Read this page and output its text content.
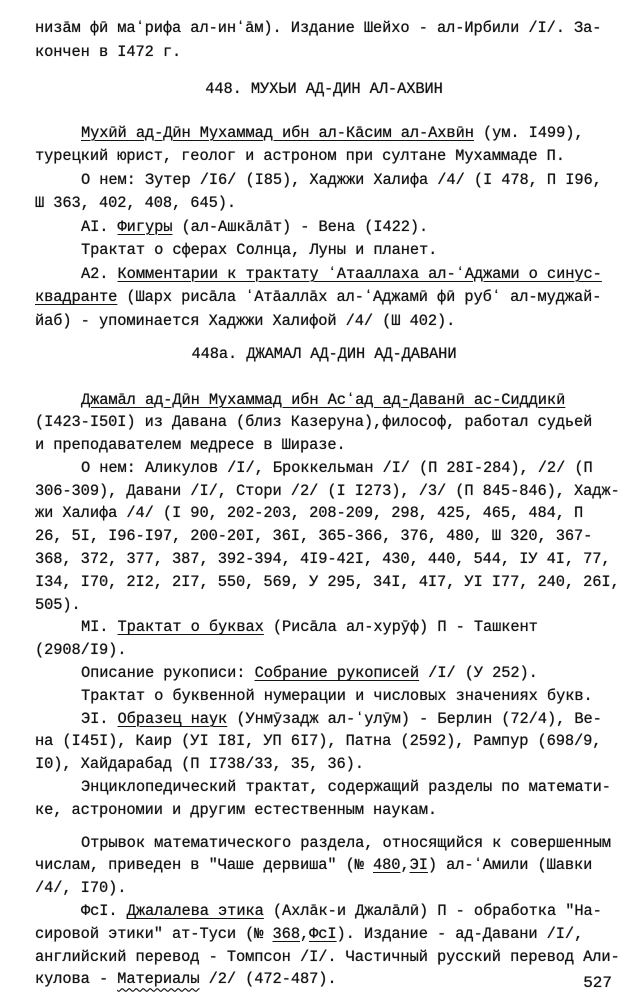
низāм фӣ маʻрифа ал-инʻāм). Издание Шейхо - ал-Ирбили /I/. За-
кончен в I472 г.
448. МУХЬИ АД-ДИН АЛ-АХВИН
Мухӣй ад-Дӣн Мухаммад ибн ал-Кāсим ал-Ахвӣн (ум. I499),
турецкий юрист, геолог и астроном при султане Мухаммаде П.
О нем: Зутер /I6/ (I85), Хаджжи Халифа /4/ (I 478, П I96,
Ш 363, 402, 408, 645).
AI. Фигуры (ал-Ашкāлāт) - Вена (I422).
Трактат о сферах Солнца, Луны и планет.
A2. Комментарии к трактату ʻАтааллаха ал-ʻАджами о синус-
квадранте (Шарх рисāла ʻАтāаллāх ал-ʻАджамӣ фӣ рубʻ ал-муджай-
йаб) - упоминается Хаджжи Халифой /4/ (Ш 402).
448а. ДЖАМАЛ АД-ДИН АД-ДАВАНИ
Джамāл ад-Дӣн Мухаммад ибн Асʻад ад-Даванӣ ас-Сиддикӣ
(I423-I50I) из Давана (близ Казеруна),философ, работал судьей
и преподавателем медресе в Ширазе.
О нем: Аликулов /I/, Броккельман /I/ (П 28I-284), /2/ (П
306-309), Давани /I/, Стори /2/ (I I273), /3/ (П 845-846), Хадж-
жи Халифа /4/ (I 90, 202-203, 208-209, 298, 425, 465, 484, П
26, 5I, I96-I97, 200-20I, 36I, 365-366, 376, 480, Ш 320, 367-
368, 372, 377, 387, 392-394, 4I9-42I, 430, 440, 544, IУ 4I, 77,
I34, I70, 2I2, 2I7, 550, 569, У 295, 34I, 4I7, УI I77, 240, 26I,
505).
МI. Трактат о буквах (Рисāла ал-хурӯф) П - Ташкент
(2908/I9).
Описание рукописи: Собрание рукописей /I/ (У 252).
Трактат о буквенной нумерации и числовых значениях букв.
ЭI. Образец наук (Унмӯзадж ал-ʻулӯм) - Берлин (72/4), Ве-
на (I45I), Каир (УI I8I, УП 6I7), Патна (2592), Рампур (698/9,
I0), Хайдарабад (П I738/33, 35, 36).
Энциклопедический трактат, содержащий разделы по математи-
ке, астрономии и другим естественным наукам.
Отрывок математического раздела, относящийся к совершенным
числам, приведен в "Чаше дервиша" (№ 480,ЭI) ал-ʻАмили (Шавки
/4/, I70).
ФсI. Джалалева этика (Ахлāк-и Джалāлӣ) П - обработка "На-
сировой этики" ат-Туси (№ 368,ФсI). Издание - ад-Давани /I/,
английский перевод - Томпсон /I/. Частичный русский перевод Али-
кулова - Материалы /2/ (472-487).	527
